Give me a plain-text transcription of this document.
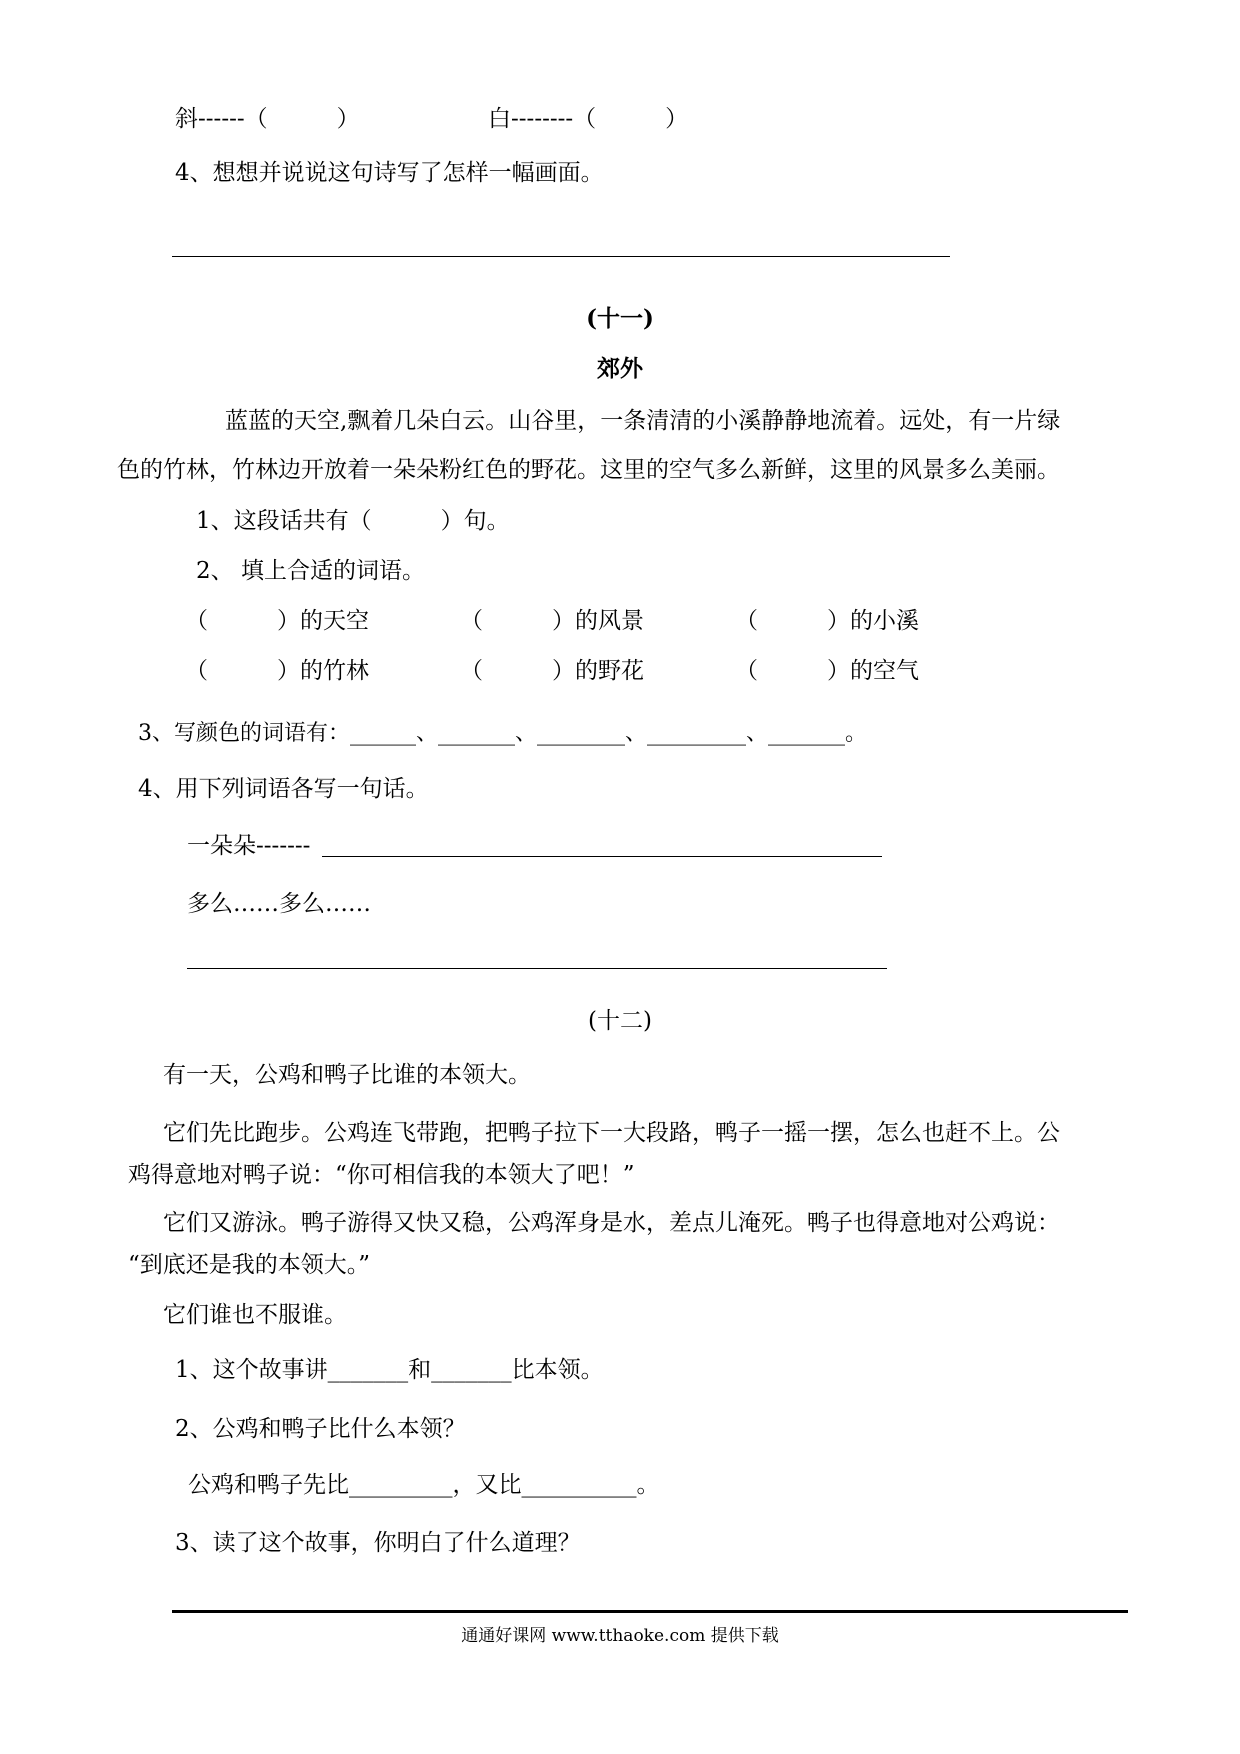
斜------（　　　）	白--------（　　　）
4、想想并说说这句诗写了怎样一幅画面。
(十一)
郊外
蓝蓝的天空,飘着几朵白云。山谷里，一条清清的小溪静静地流着。远处，有一片绿
色的竹林，竹林边开放着一朵朵粉红色的野花。这里的空气多么新鲜，这里的风景多么美丽。
1、这段话共有（　　　）句。
2、 填上合适的词语。
（　　　）的天空	（　　　）的风景	（　　　）的小溪
（　　　）的竹林	（　　　）的野花	（　　　）的空气
3、写颜色的词语有：______、_______、________、_________、_______。
4、用下列词语各写一句话。
一朵朵-------
多么……多么……
(十二)
有一天，公鸡和鸭子比谁的本领大。
它们先比跑步。公鸡连飞带跑，把鸭子拉下一大段路，鸭子一摇一摆，怎么也赶不上。公
鸡得意地对鸭子说：“你可相信我的本领大了吧！”
它们又游泳。鸭子游得又快又稳，公鸡浑身是水，差点儿淹死。鸭子也得意地对公鸡说：
“到底还是我的本领大。”
它们谁也不服谁。
1、这个故事讲_______和_______比本领。
2、公鸡和鸭子比什么本领？
公鸡和鸭子先比_________，又比__________。
3、读了这个故事，你明白了什么道理？
通通好课网 www.tthaoke.com 提供下载
